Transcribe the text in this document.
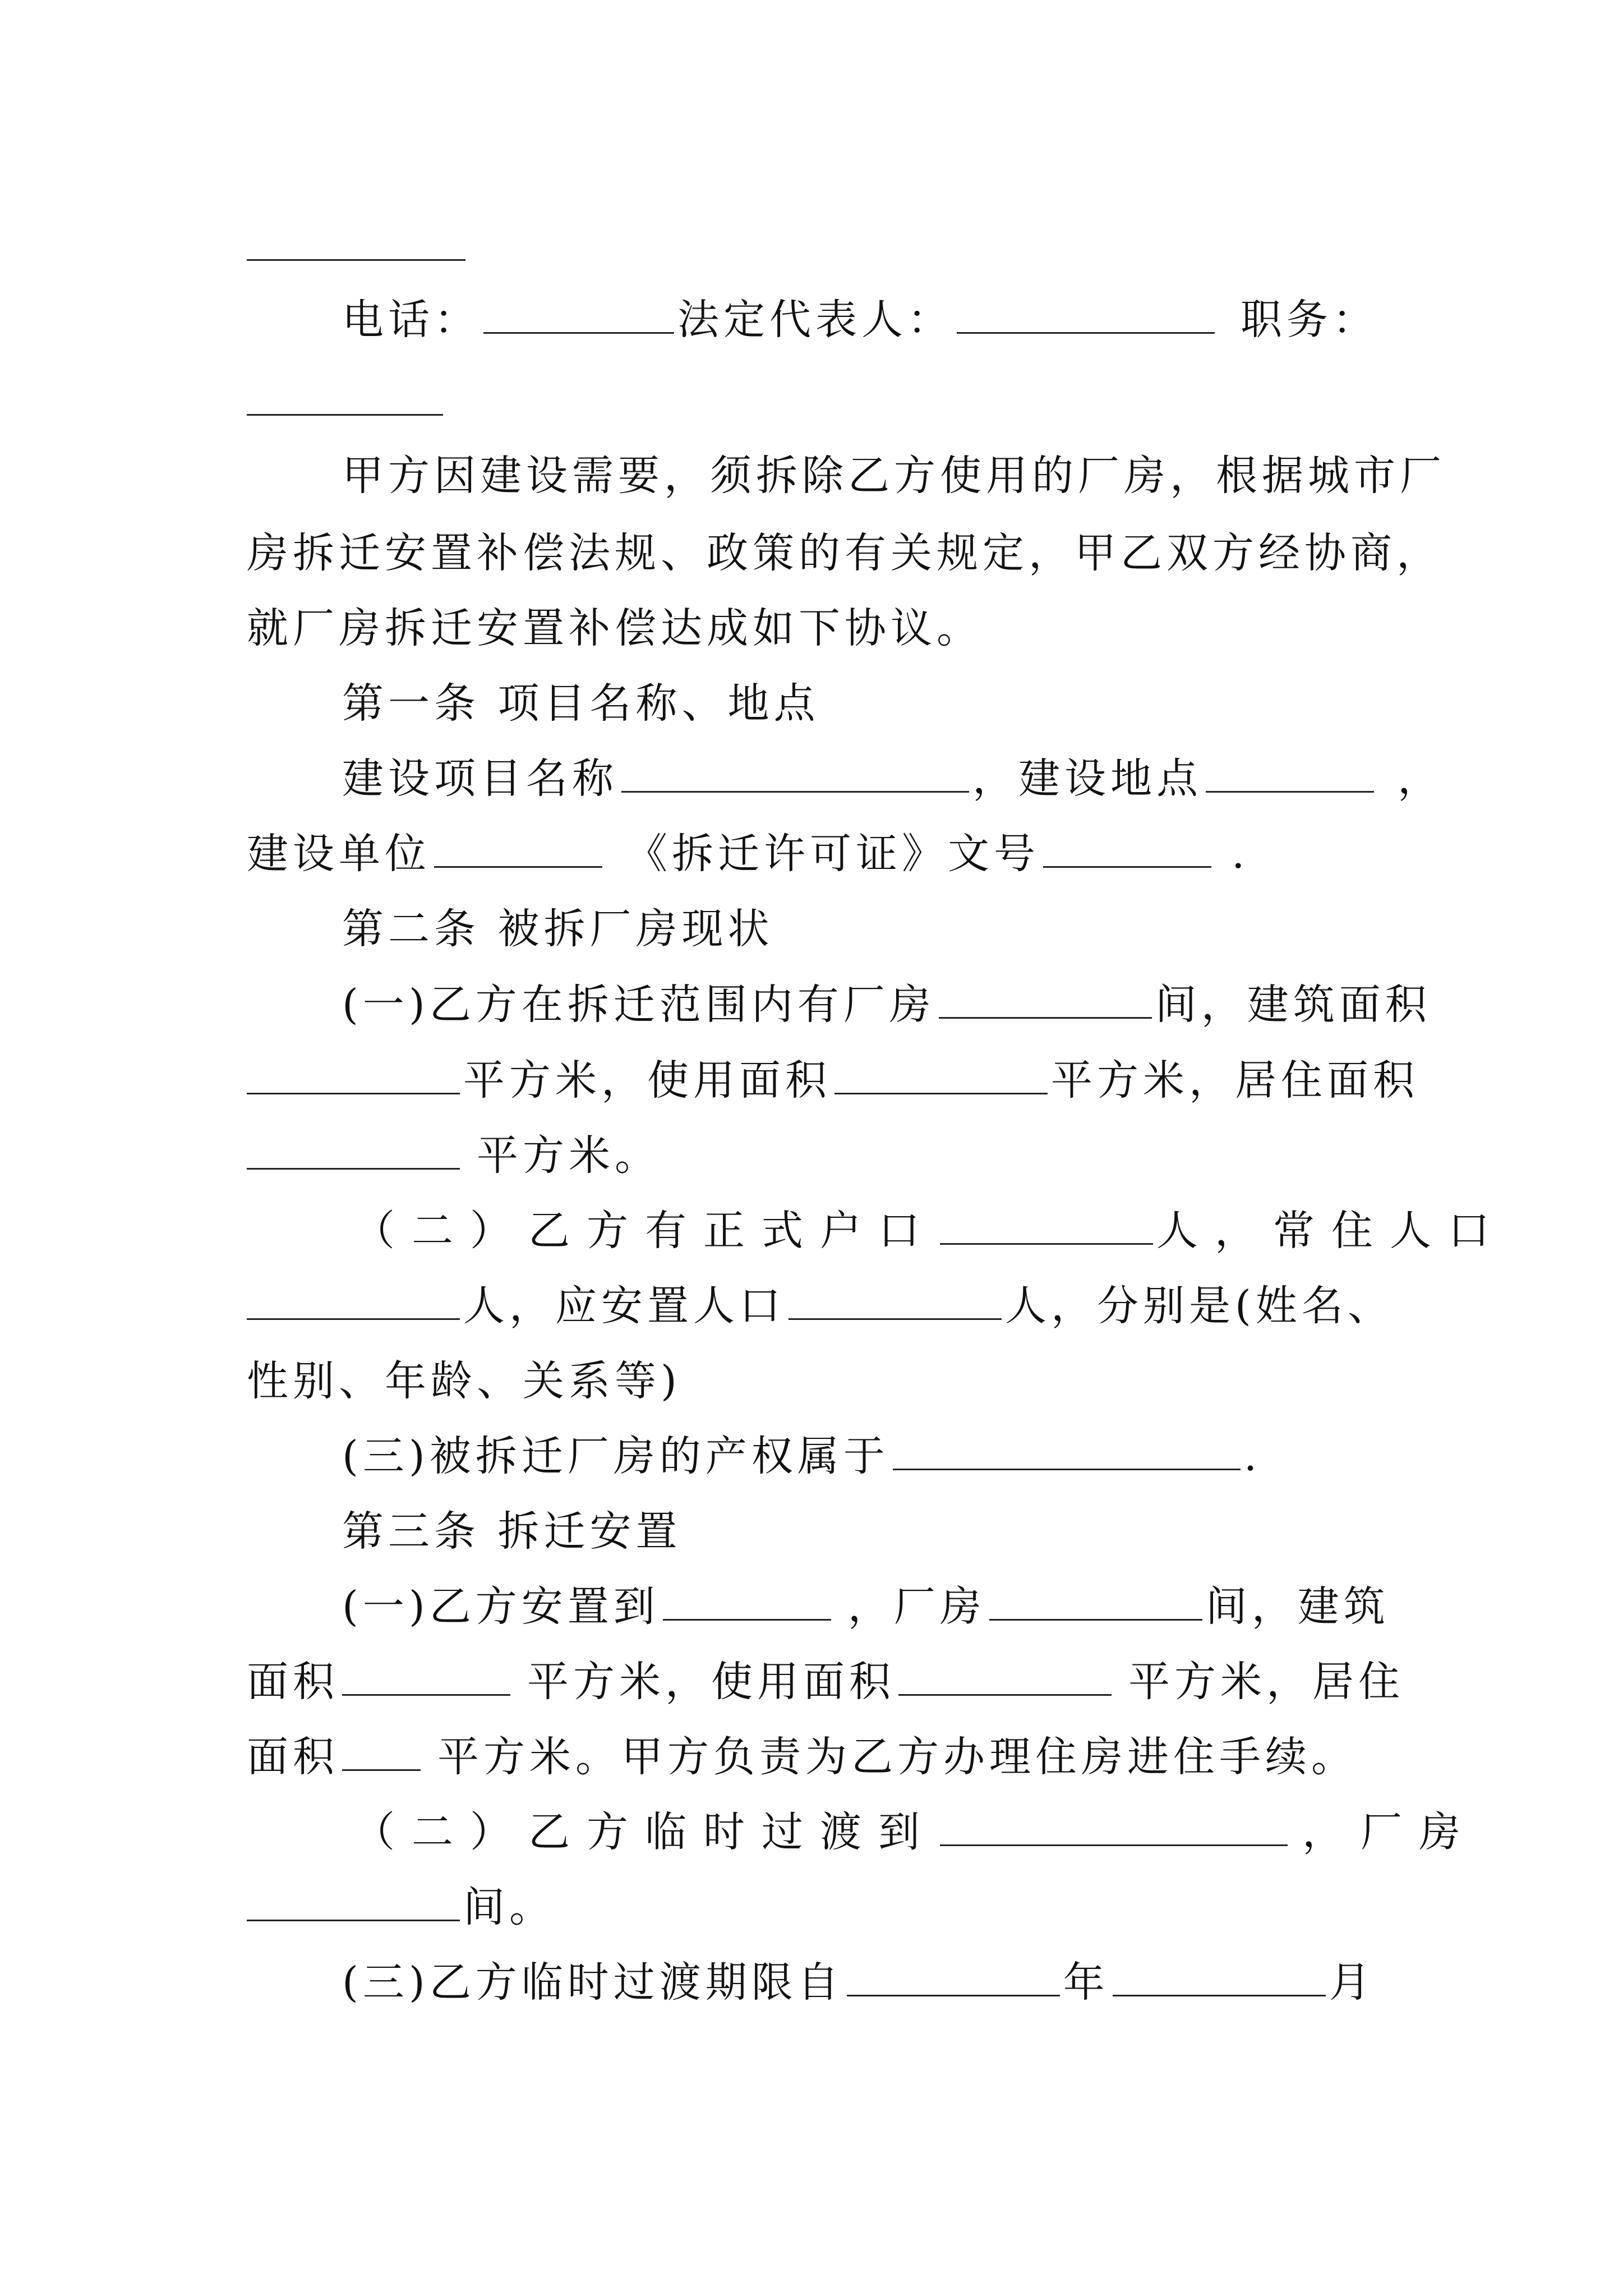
电话：	法定代表人：	职务：
甲方因建设需要，须拆除乙方使用的厂房，根据城市厂
房拆迁安置补偿法规、政策的有关规定，甲乙双方经协商，
就厂房拆迁安置补偿达成如下协议。
第一条 项目名称、地点
建设项目名称	，建设地点	，
建设单位	《拆迁许可证》文号	.
第二条 被拆厂房现状
(一)乙方在拆迁范围内有厂房	间，建筑面积
平方米，使用面积	平方米，居住面积
平方米。
（二）乙方有正式户口	人，常住人口
人，应安置人口	人，分别是(姓名、
性别、年龄、关系等)
(三)被拆迁厂房的产权属于	.
第三条 拆迁安置
(一)乙方安置到	，厂房	间，建筑
面积	平方米，使用面积	平方米，居住
面积 平方米。甲方负责为乙方办理住房进住手续。
（二）乙方临时过渡到	，厂房
间。
(三)乙方临时过渡期限自	年	月
